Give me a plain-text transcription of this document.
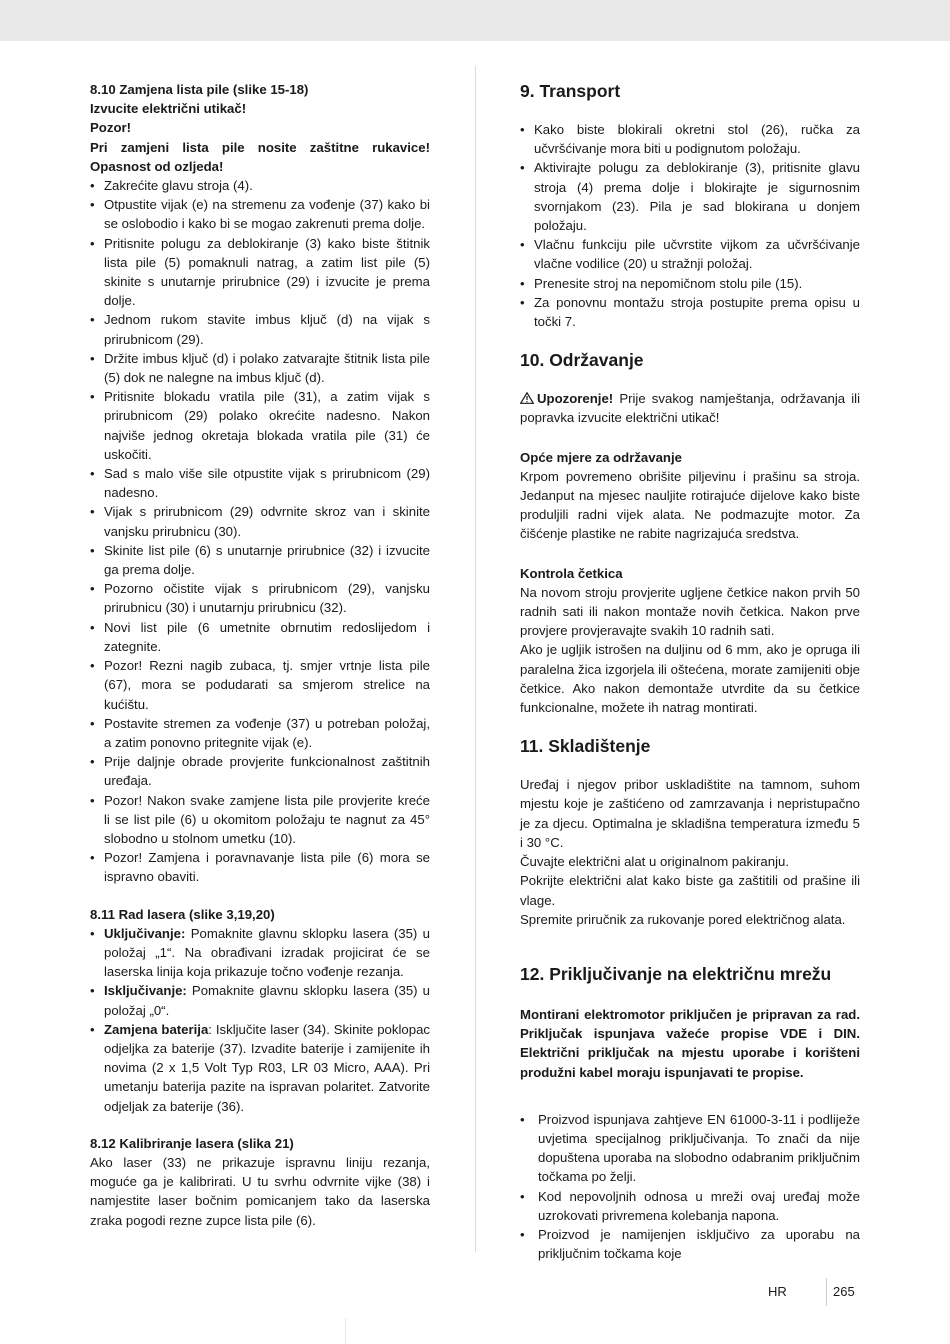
8.10 Zamjena lista pile (slike 15-18)

Izvucite električni utikač!

Pozor!

Pri zamjeni lista pile nosite zaštitne rukavice! Opasnost od ozljeda!

• Zakrećite glavu stroja (4).
• Otpustite vijak (e) na stremenu za vođenje (37) kako bi se oslobodio i kako bi se mogao zakrenuti prema dolje.
• Pritisnite polugu za deblokiranje (3) kako biste štitnik lista pile (5) pomaknuli natrag, a zatim list pile (5) skinite s unutarnje prirubnice (29) i izvucite je prema dolje.
• Jednom rukom stavite imbus ključ (d) na vijak s prirubnicom (29).
• Držite imbus ključ (d) i polako zatvarajte štitnik lista pile (5) dok ne nalegne na imbus ključ (d).
• Pritisnite blokadu vratila pile (31), a zatim vijak s prirubnicom (29) polako okrećite nadesno. Nakon najviše jednog okretaja blokada vratila pile (31) će uskočiti.
• Sad s malo više sile otpustite vijak s prirubnicom (29) nadesno.
• Vijak s prirubnicom (29) odvrnite skroz van i skinite vanjsku prirubnicu (30).
• Skinite list pile (6) s unutarnje prirubnice (32) i izvucite ga prema dolje.
• Pozorno očistite vijak s prirubnicom (29), vanjsku prirubnicu (30) i unutarnju prirubnicu (32).
• Novi list pile (6 umetnite obrnutim redoslijedom i zategnite.
• Pozor! Rezni nagib zubaca, tj. smjer vrtnje lista pile (67), mora se podudarati sa smjerom strelice na kućištu.
• Postavite stremen za vođenje (37) u potreban položaj, a zatim ponovno pritegnite vijak (e).
• Prije daljnje obrade provjerite funkcionalnost zaštitnih uređaja.
• Pozor! Nakon svake zamjene lista pile provjerite kreće li se list pile (6) u okomitom položaju te nagnut za 45° slobodno u stolnom umetku (10).
• Pozor! Zamjena i poravnavanje lista pile (6) mora se ispravno obaviti.

8.11 Rad lasera (slike 3,19,20)

• Uključivanje: Pomaknite glavnu sklopku lasera (35) u položaj „1“. Na obrađivani izradak projicirat će se laserska linija koja prikazuje točno vođenje rezanja.
• Isključivanje: Pomaknite glavnu sklopku lasera (35) u položaj „0“.
• Zamjena baterija: Isključite laser (34). Skinite poklopac odjeljka za baterije (37). Izvadite baterije i zamijenite ih novima (2 x 1,5 Volt Typ R03, LR 03 Micro, AAA). Pri umetanju baterija pazite na ispravan polaritet. Zatvorite odjeljak za baterije (36).

8.12 Kalibriranje lasera (slika 21)

Ako laser (33) ne prikazuje ispravnu liniju rezanja, moguće ga je kalibrirati. U tu svrhu odvrnite vijke (38) i namjestite laser bočnim pomicanjem tako da laserska zraka pogodi rezne zupce lista pile (6).

9. Transport
• Kako biste blokirali okretni stol (26), ručka za učvršćivanje mora biti u podignutom položaju.
• Aktivirajte polugu za deblokiranje (3), pritisnite glavu stroja (4) prema dolje i blokirajte je sigurnosnim svornjakom (23). Pila je sad blokirana u donjem položaju.
• Vlačnu funkciju pile učvrstite vijkom za učvršćivanje vlačne vodilice (20) u stražnji položaj.
• Prenesite stroj na nepomičnom stolu pile (15).
• Za ponovnu montažu stroja postupite prema opisu u točki 7.
10. Održavanje

Upozorenje! Prije svakog namještanja, održavanja ili popravka izvucite električni utikač!

Opće mjere za održavanje

Krpom povremeno obrišite piljevinu i prašinu sa stroja. Jedanput na mjesec nauljite rotirajuće dijelove kako biste produljili radni vijek alata. Ne podmazujte motor. Za čišćenje plastike ne rabite nagrizajuća sredstva.

Kontrola četkica

Na novom stroju provjerite ugljene četkice nakon prvih 50 radnih sati ili nakon montaže novih četkica. Nakon prve provjere provjeravajte svakih 10 radnih sati.

Ako je ugljik istrošen na duljinu od 6 mm, ako je opruga ili paralelna žica izgorjela ili oštećena, morate zamijeniti obje četkice. Ako nakon demontaže utvrdite da su četkice funkcionalne, možete ih natrag montirati.

11. Skladištenje

Uređaj i njegov pribor uskladištite na tamnom, suhom mjestu koje je zaštićeno od zamrzavanja i nepristupačno je za djecu. Optimalna je skladišna temperatura između 5 i 30 °C.

Čuvajte električni alat u originalnom pakiranju.

Pokrijte električni alat kako biste ga zaštitili od prašine ili vlage.

Spremite priručnik za rukovanje pored električnog alata.

12. Priključivanje na električnu mrežu

Montirani elektromotor priključen je pripravan za rad. Priključak ispunjava važeće propise VDE i DIN. Električni priključak na mjestu uporabe i korišteni produžni kabel moraju ispunjavati te propise.

• Proizvod ispunjava zahtjeve EN 61000-3-11 i podliježe uvjetima specijalnog priključivanja. To znači da nije dopuštena uporaba na slobodno odabranim priključnim točkama po želji.
• Kod nepovoljnih odnosa u mreži ovaj uređaj može uzrokovati privremena kolebanja napona.
• Proizvod je namijenjen isključivo za uporabu na priključnim točkama koje
HR	265
